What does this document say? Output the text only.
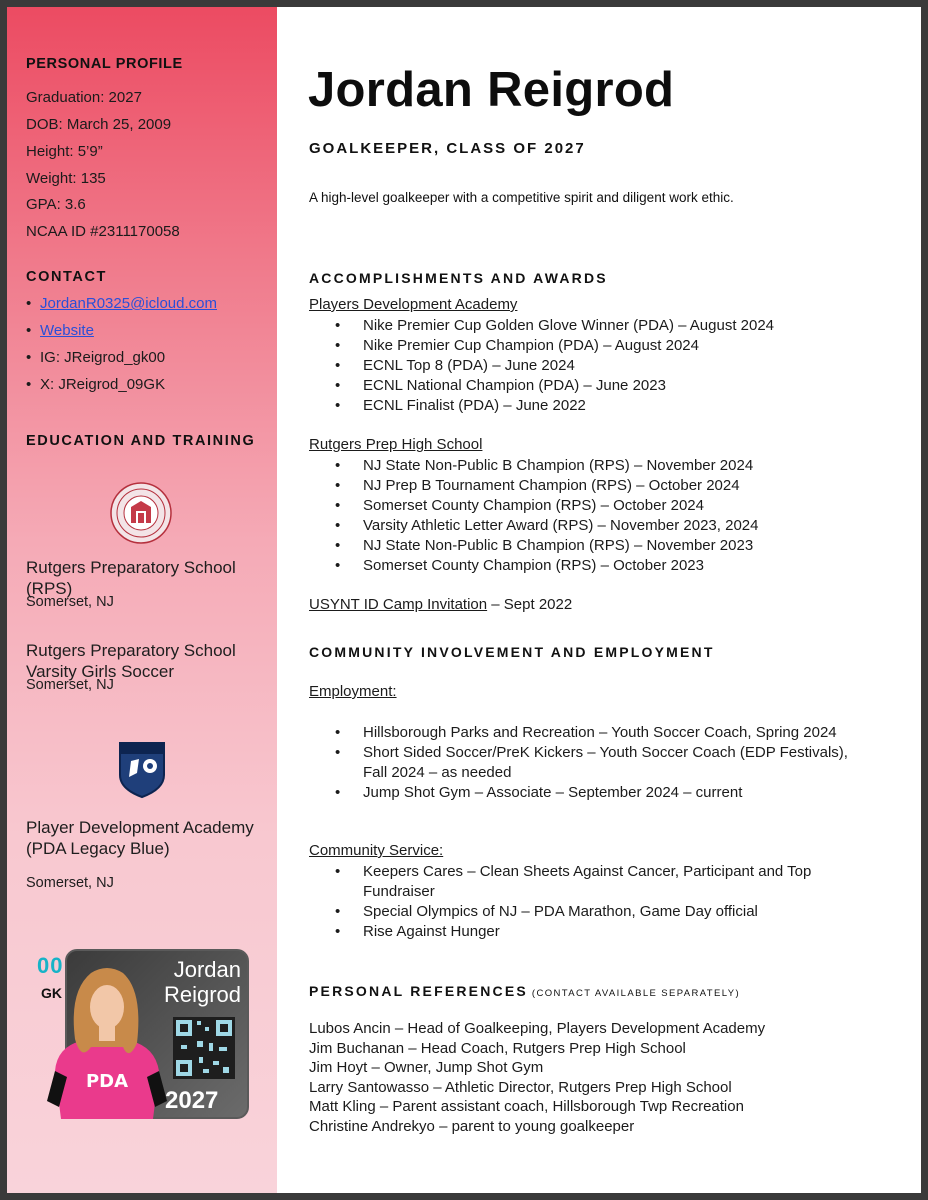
PERSONAL PROFILE
Graduation: 2027
DOB: March 25, 2009
Height: 5’9”
Weight: 135
GPA: 3.6
NCAA ID #2311170058
CONTACT
• JordanR0325@icloud.com
• Website
• IG: JReigrod_gk00
• X: JReigrod_09GK
EDUCATION AND TRAINING
Rutgers Preparatory School (RPS)
Somerset, NJ
Rutgers Preparatory School Varsity Girls Soccer
Somerset, NJ
Player Development Academy (PDA Legacy Blue)
Somerset, NJ
PDA
00
GK
Jordan
Reigrod
2027
Jordan Reigrod
GOALKEEPER, CLASS OF 2027
A high-level goalkeeper with a competitive spirit and diligent work ethic.
ACCOMPLISHMENTS AND AWARDS
Players Development Academy
• Nike Premier Cup Golden Glove Winner (PDA) – August 2024
• Nike Premier Cup Champion (PDA) – August 2024
• ECNL Top 8 (PDA) – June 2024
• ECNL National Champion (PDA) – June 2023
• ECNL Finalist (PDA) – June 2022
Rutgers Prep High School
• NJ State Non-Public B Champion (RPS) – November 2024
• NJ Prep B Tournament Champion (RPS) – October 2024
• Somerset County Champion (RPS) – October 2024
• Varsity Athletic Letter Award (RPS) – November 2023, 2024
• NJ State Non-Public B Champion (RPS) – November 2023
• Somerset County Champion (RPS) – October 2023
USYNT ID Camp Invitation – Sept 2022
COMMUNITY INVOLVEMENT AND EMPLOYMENT
Employment:
• Hillsborough Parks and Recreation – Youth Soccer Coach, Spring 2024
• Short Sided Soccer/PreK Kickers – Youth Soccer Coach (EDP Festivals), Fall 2024 – as needed
• Jump Shot Gym – Associate – September 2024 – current
Community Service:
• Keepers Cares – Clean Sheets Against Cancer, Participant and Top Fundraiser
• Special Olympics of NJ – PDA Marathon, Game Day official
• Rise Against Hunger
PERSONAL REFERENCES (CONTACT AVAILABLE SEPARATELY)
Lubos Ancin – Head of Goalkeeping, Players Development Academy
Jim Buchanan – Head Coach, Rutgers Prep High School
Jim Hoyt – Owner, Jump Shot Gym
Larry Santowasso – Athletic Director, Rutgers Prep High School
Matt Kling – Parent assistant coach, Hillsborough Twp Recreation
Christine Andrekyo – parent to young goalkeeper
